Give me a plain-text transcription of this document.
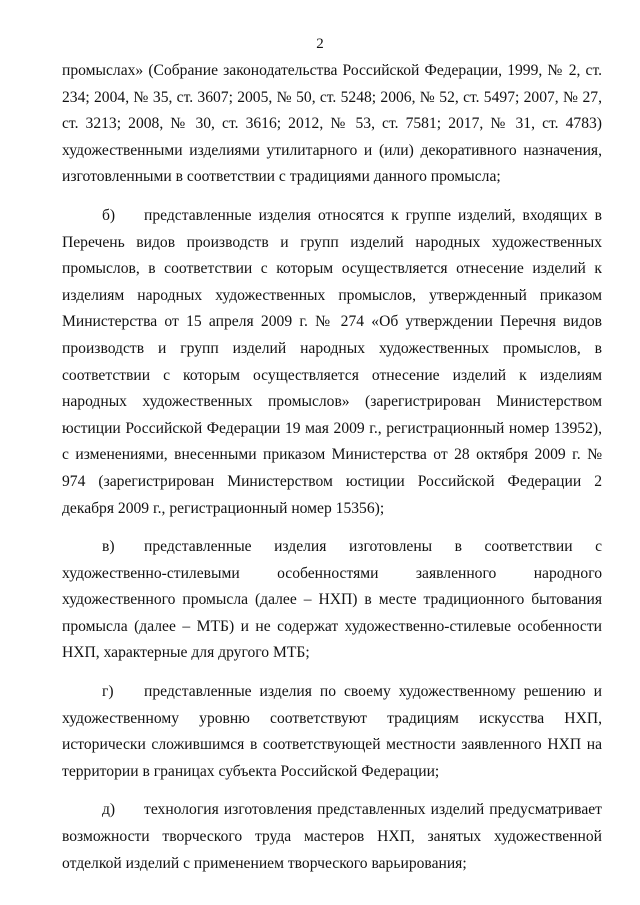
2

промыслах» (Собрание законодательства Российской Федерации, 1999, № 2, ст. 234; 2004, № 35, ст. 3607; 2005, № 50, ст. 5248; 2006, № 52, ст. 5497; 2007, № 27, ст. 3213; 2008, № 30, ст. 3616; 2012, № 53, ст. 7581; 2017, № 31, ст. 4783) художественными изделиями утилитарного и (или) декоративного назначения, изготовленными в соответствии с традициями данного промысла;

б) представленные изделия относятся к группе изделий, входящих в Перечень видов производств и групп изделий народных художественных промыслов, в соответствии с которым осуществляется отнесение изделий к изделиям народных художественных промыслов, утвержденный приказом Министерства от 15 апреля 2009 г. № 274 «Об утверждении Перечня видов производств и групп изделий народных художественных промыслов, в соответствии с которым осуществляется отнесение изделий к изделиям народных художественных промыслов» (зарегистрирован Министерством юстиции Российской Федерации 19 мая 2009 г., регистрационный номер 13952), с изменениями, внесенными приказом Министерства от 28 октября 2009 г. № 974 (зарегистрирован Министерством юстиции Российской Федерации 2 декабря 2009 г., регистрационный номер 15356);

в) представленные изделия изготовлены в соответствии с художественно-стилевыми особенностями заявленного народного художественного промысла (далее – НХП) в месте традиционного бытования промысла (далее – МТБ) и не содержат художественно-стилевые особенности НХП, характерные для другого МТБ;

г) представленные изделия по своему художественному решению и художественному уровню соответствуют традициям искусства НХП, исторически сложившимся в соответствующей местности заявленного НХП на территории в границах субъекта Российской Федерации;

д) технология изготовления представленных изделий предусматривает возможности творческого труда мастеров НХП, занятых художественной отделкой изделий с применением творческого варьирования;
